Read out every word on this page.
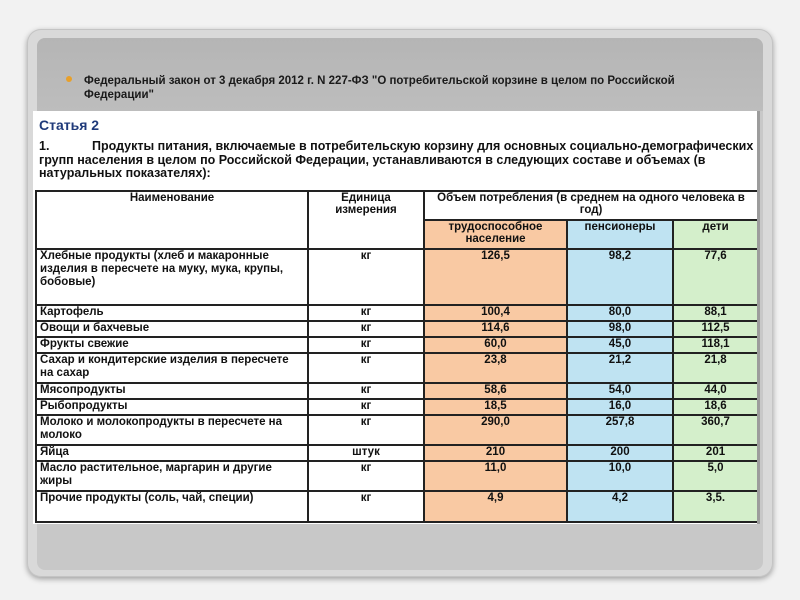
Федеральный закон от 3 декабря 2012 г. N 227-ФЗ "О потребительской корзине в целом по Российской Федерации"
Статья 2
1.	Продукты питания, включаемые в потребительскую корзину для основных социально-демографических групп населения в целом по Российской Федерации, устанавливаются в следующих составе и объемах (в натуральных показателях):
Наименование	Единица измерения	Объем потребления (в среднем на одного человека в год)		
		трудоспособное население	пенсионеры	дети
Хлебные продукты (хлеб и макаронные изделия в пересчете на муку, мука, крупы, бобовые)	кг	126,5	98,2	77,6
Картофель	кг	100,4	80,0	88,1
Овощи и бахчевые	кг	114,6	98,0	112,5
Фрукты свежие	кг	60,0	45,0	118,1
Сахар и кондитерские изделия в пересчете на сахар	кг	23,8	21,2	21,8
Мясопродукты	кг	58,6	54,0	44,0
Рыбопродукты	кг	18,5	16,0	18,6
Молоко и молокопродукты в пересчете на молоко	кг	290,0	257,8	360,7
Яйца	штук	210	200	201
Масло растительное, маргарин и другие жиры	кг	11,0	10,0	5,0
Прочие продукты (соль, чай, специи)	кг	4,9	4,2	3,5.
